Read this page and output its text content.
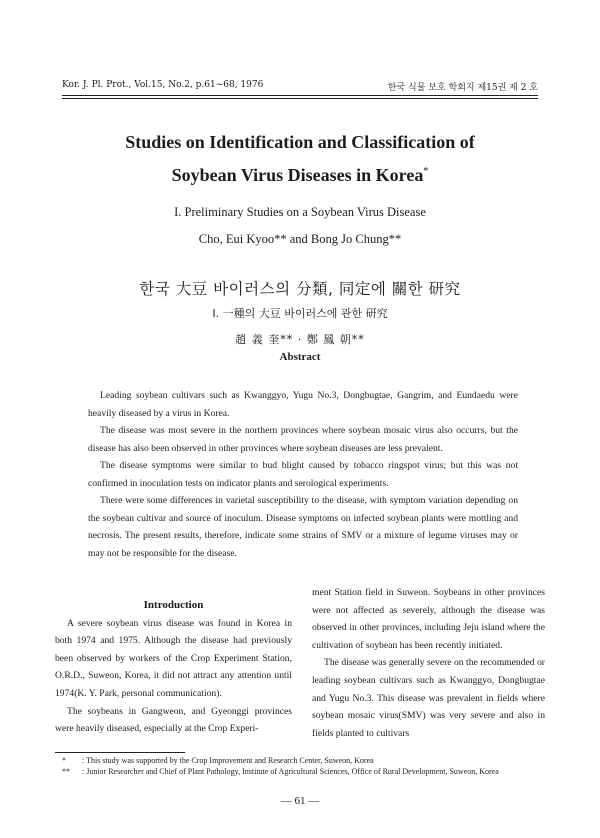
Kor. J. Pl. Prot., Vol.15, No.2, p.61~68, 1976	한국 식물 보호 학회지 제15권 제 2 호
Studies on Identification and Classification of
Soybean Virus Diseases in Korea*
I. Preliminary Studies on a Soybean Virus Disease
Cho, Eui Kyoo** and Bong Jo Chung**
한국 大豆 바이러스의 分類, 同定에 關한 研究
Ⅰ. 一種의 大豆 바이러스에 관한 研究
趙 義 奎** · 鄭 鳳 朝**
Abstract

Leading soybean cultivars such as Kwanggyo, Yugu No.3, Dongbugtae, Gangrim, and Eundaedu were heavily diseased by a virus in Korea.

The disease was most severe in the northern provinces where soybean mosaic virus also occurrs, but the disease has also been observed in other provinces where soybean diseases are less prevalent.

The disease symptoms were similar to bud blight caused by tobacco ringspot virus; but this was not confirmed in inoculation tests on indicator plants and serological experiments.

There were some differences in varietal susceptibility to the disease, with symptom variation depending on the soybean cultivar and source of inoculum. Disease symptoms on infected soybean plants were mottling and necrosis. The present results, therefore, indicate some strains of SMV or a mixture of legume viruses may or may not be responsible for the disease.

Introduction

A severe soybean virus disease was found in Korea in both 1974 and 1975. Although the disease had previously been observed by workers of the Crop Experiment Station, O.R.D., Suweon, Korea, it did not attract any attention until 1974(K. Y. Park, personal communication).

The soybeans in Gangweon, and Gyeonggi provinces were heavily diseased, especially at the Crop Experi-

ment Station field in Suweon. Soybeans in other provinces were not affected as severely, although the disease was observed in other provinces, including Jeju island where the cultivation of soybean has been recently initiated.

The disease was generally severe on the recommended or leading soybean cultivars such as Kwanggyo, Dongbugtae and Yugu No.3. This disease was prevalent in fields where soybean mosaic virus(SMV) was very severe and also in fields planted to cultivars

* : This study was supported by the Crop Improvement and Research Center, Suweon, Korea
** : Junior Researcher and Chief of Plant Pathology, Institute of Agricultural Sciences, Office of Rural Development, Suweon, Korea
— 61 —
